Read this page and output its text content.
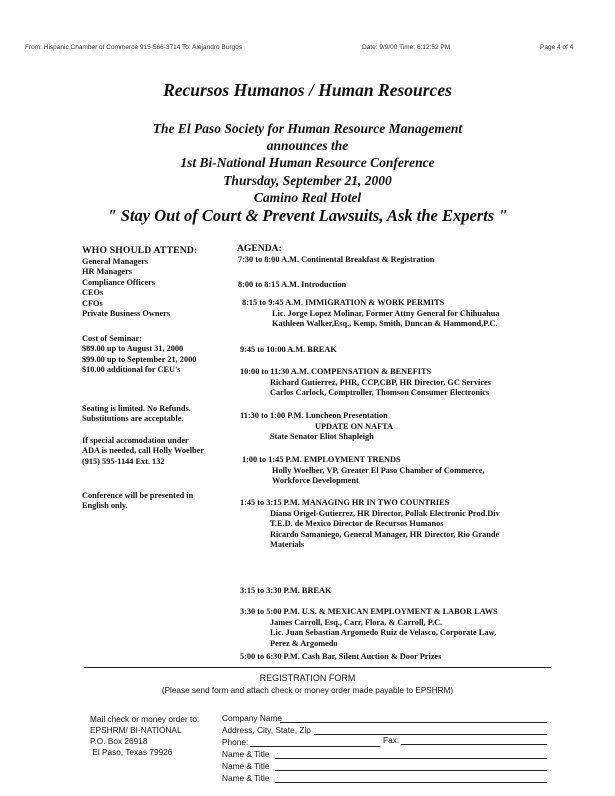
From: Hispanic Chamber of Commerce 915-566-3714 To: Alejandro Burgos	Date: 9/9/00 Time: 6:12:52 PM	Page 4 of 4
Recursos Humanos / Human Resources
The El Paso Society for Human Resource Management
announces the
1st Bi-National Human Resource Conference
Thursday, September 21, 2000
Camino Real Hotel
" Stay Out of Court & Prevent Lawsuits, Ask the Experts "
WHO SHOULD ATTEND:
General Managers
HR Managers
Compliance Officers
CEOs
CFOs
Private Business Owners
Cost of Seminar:
$89.00 up to August 31, 2000
$99.00 up to September 21, 2000
$10.00 additional for CEU's
Seating is limited. No Refunds.
Substitutions are acceptable.
If special accomodation under
ADA is needed, call Holly Woelber
(915) 595-1144 Ext. 132
Conference will be presented in
English only.
AGENDA:
7:30 to 8:00 A.M. Continental Breakfast & Registration
8:00 to 8:15 A.M. Introduction
8:15 to 9:45 A.M. IMMIGRATION & WORK PERMITS
Lic. Jorge Lopez Molinar, Former Attny General for Chihuahua
Kathleen Walker,Esq., Kemp, Smith, Duncan & Hammond,P.C.
9:45 to 10:00 A.M. BREAK
10:00 to 11:30 A.M. COMPENSATION & BENEFITS
Richard Gutierrez, PHR, CCP,CBP, HR Director, GC Services
Carlos Carlock, Comptroller, Thomson Consumer Electronics
11:30 to 1:00 P.M. Luncheon Presentation
UPDATE ON NAFTA
State Senator Eliot Shapleigh
1:00 to 1:45 P.M. EMPLOYMENT TRENDS
Holly Woelber, VP, Greater El Paso Chamber of Commerce,
Workforce Development
1:45 to 3:15 P.M. MANAGING HR IN TWO COUNTRIES
Diana Origel-Gutierrez, HR Director, Pollak Electronic Prod.Div
T.E.D. de Mexico Director de Recursos Humanos
Ricardo Samaniego, General Manager, HR Director, Rio Grande
Materials
3:15 to 3:30 P.M. BREAK
3:30 to 5:00 P.M. U.S. & MEXICAN EMPLOYMENT & LABOR LAWS
James Carroll, Esq., Carr, Flora, & Carroll, P.C.
Lic. Juan Sebastian Argomedo Ruiz de Velasco, Corporate Law,
Perez & Argomedo
5:00 to 6:30 P.M. Cash Bar, Silent Auction & Door Prizes
REGISTRATION FORM
(Please send form and attach check or money order made payable to EPSHRM)
Mail check or money order to:
EPSHRM/ BI-NATIONAL
P.O. Box 26918
El Paso, Texas 79926
Company Name
Address, City, State, Zip
Phone:	Fax:
Name & Title
Name & Title
Name & Title
